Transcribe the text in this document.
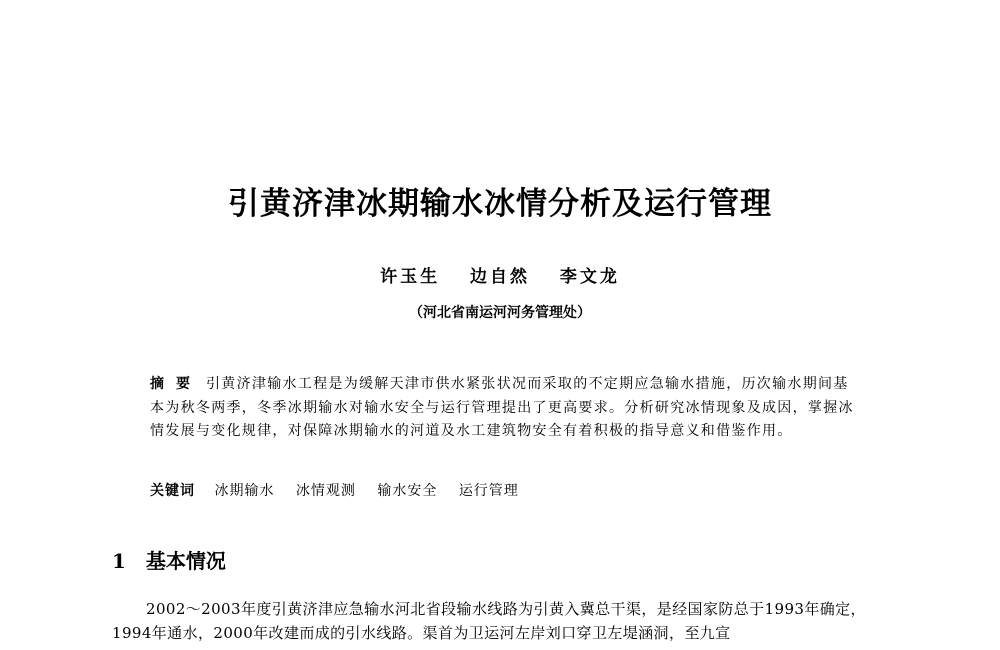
引黄济津冰期输水冰情分析及运行管理
许玉生 边自然 李文龙
（河北省南运河河务管理处）
摘要 引黄济津输水工程是为缓解天津市供水紧张状况而采取的不定期应急输水措施，历次输水期间基本为秋冬两季，冬季冰期输水对输水安全与运行管理提出了更高要求。分析研究冰情现象及成因，掌握冰情发展与变化规律，对保障冰期输水的河道及水工建筑物安全有着积极的指导意义和借鉴作用。
关键词 冰期输水 冰情观测 输水安全 运行管理
1 基本情况
2002～2003年度引黄济津应急输水河北省段输水线路为引黄入冀总干渠，是经国家防总于1993年确定，1994年通水，2000年改建而成的引水线路。渠首为卫运河左岸刘口穿卫左堤涵洞，至九宣
